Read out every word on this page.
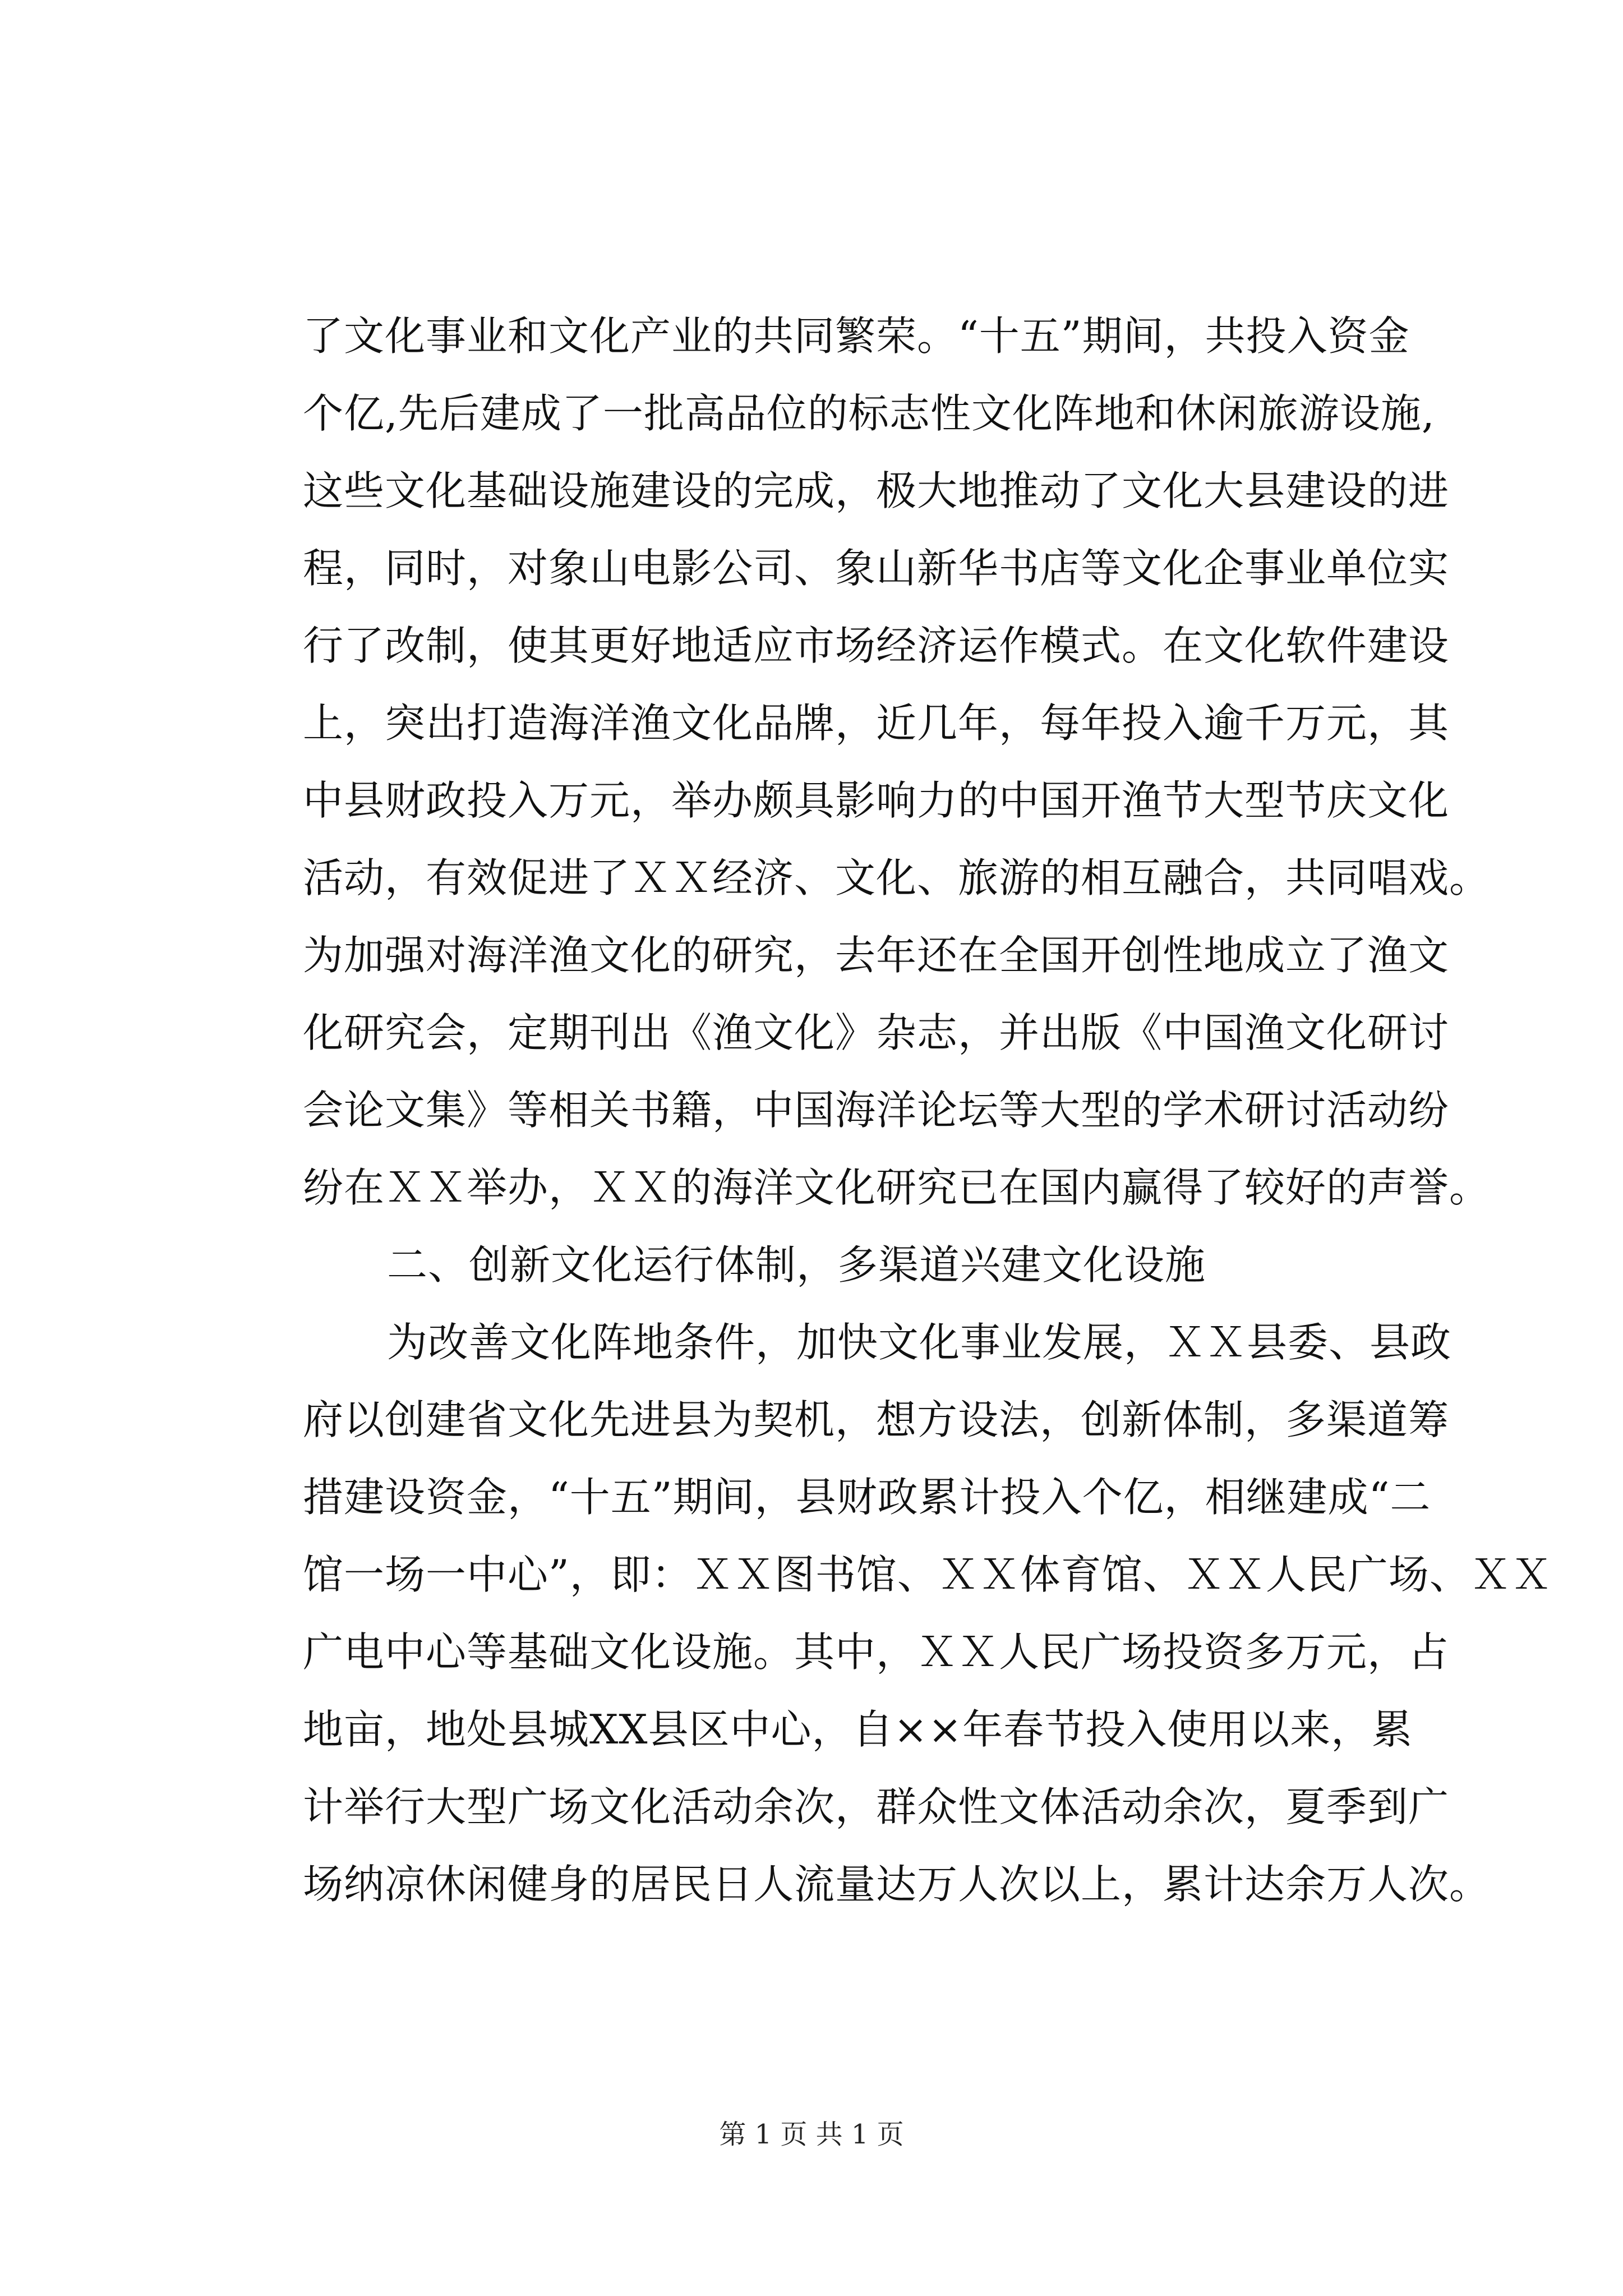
了文化事业和文化产业的共同繁荣。“十五”期间，共投入资金
个亿,先后建成了一批高品位的标志性文化阵地和休闲旅游设施,
这些文化基础设施建设的完成，极大地推动了文化大县建设的进
程，同时，对象山电影公司、象山新华书店等文化企事业单位实
行了改制，使其更好地适应市场经济运作模式。在文化软件建设
上，突出打造海洋渔文化品牌，近几年，每年投入逾千万元，其
中县财政投入万元，举办颇具影响力的中国开渔节大型节庆文化
活动，有效促进了ＸＸ经济、文化、旅游的相互融合，共同唱戏。
为加强对海洋渔文化的研究，去年还在全国开创性地成立了渔文
化研究会，定期刊出《渔文化》杂志，并出版《中国渔文化研讨
会论文集》等相关书籍，中国海洋论坛等大型的学术研讨活动纷
纷在ＸＸ举办，ＸＸ的海洋文化研究已在国内赢得了较好的声誉。
二、创新文化运行体制，多渠道兴建文化设施
为改善文化阵地条件，加快文化事业发展，ＸＸ县委、县政
府以创建省文化先进县为契机，想方设法，创新体制，多渠道筹
措建设资金，“十五”期间，县财政累计投入个亿，相继建成“二
馆一场一中心”，即：ＸＸ图书馆、ＸＸ体育馆、ＸＸ人民广场、ＸＸ
广电中心等基础文化设施。其中，ＸＸ人民广场投资多万元，占
地亩，地处县城XX县区中心，自××年春节投入使用以来，累
计举行大型广场文化活动余次，群众性文体活动余次，夏季到广
场纳凉休闲健身的居民日人流量达万人次以上，累计达余万人次。
第 1 页 共 1 页
